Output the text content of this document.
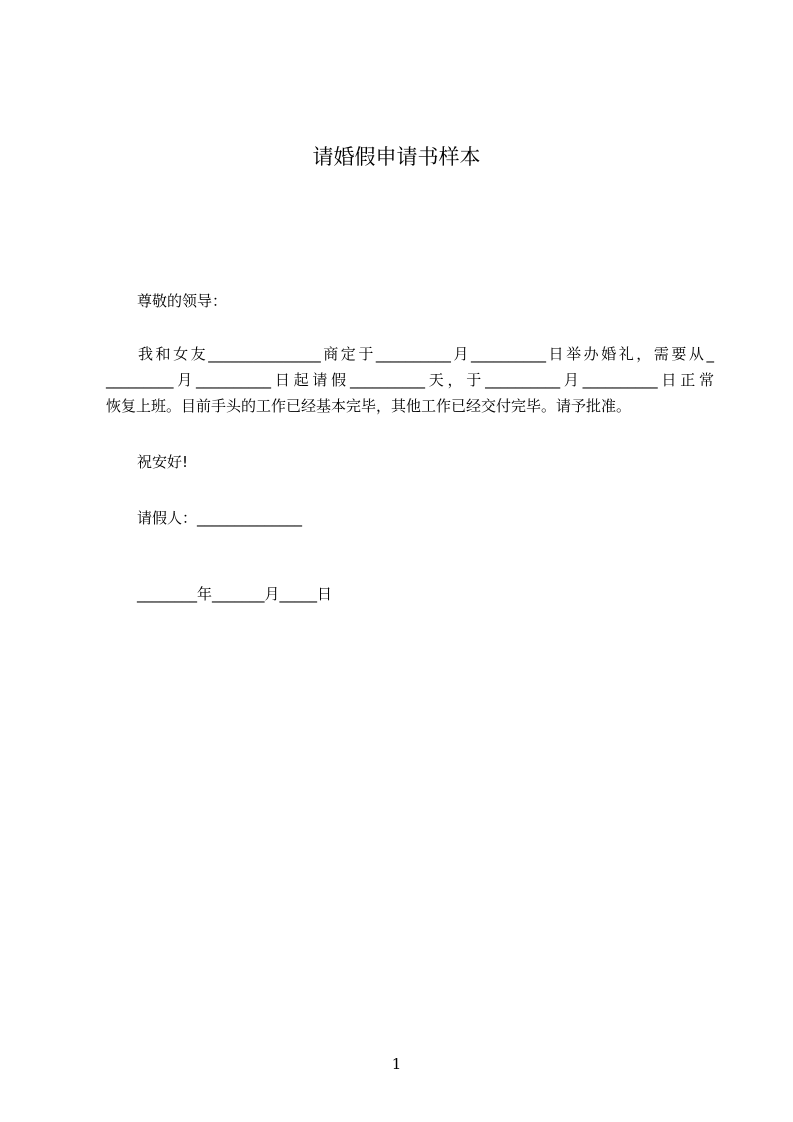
请婚假申请书样本
尊敬的领导：
我和女友_______________商定于__________月__________日举办婚礼，需要从_
_________月__________日起请假__________天，于__________月__________日正常
恢复上班。目前手头的工作已经基本完毕，其他工作已经交付完毕。请予批准。
祝安好!
请假人：______________
________年_______月_____日
1
